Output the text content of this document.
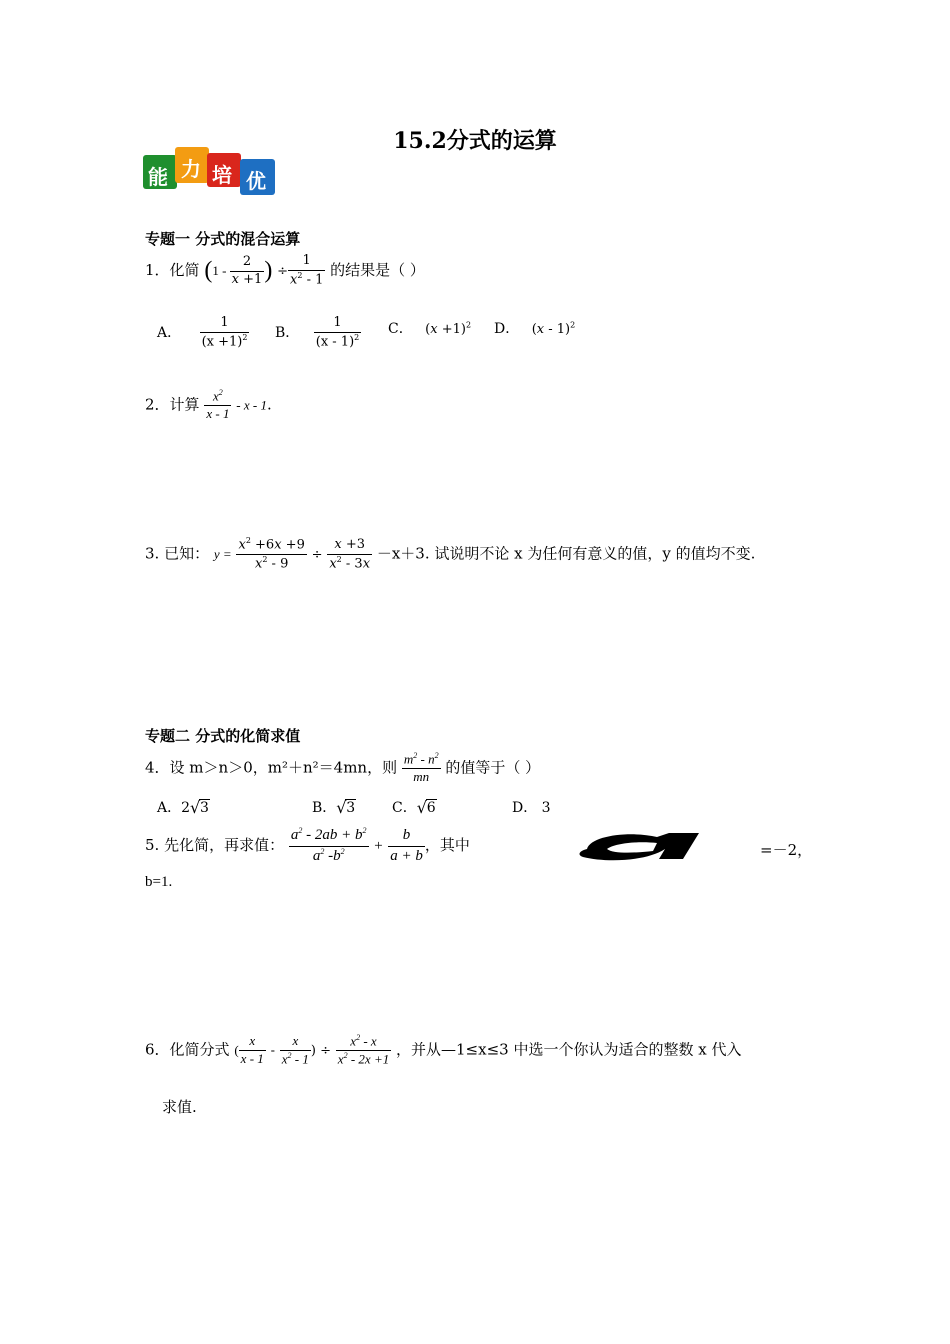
15.2分式的运算
能 力 培 优
专题一 分式的混合运算
1．化简 ($1 - \frac{2}{x +1}$ ) ÷ $\frac{1}{x^2 - 1}$ 的结果是（ ）
A． $\frac{1}{(x +1)^2}$ B． $\frac{1}{(x - 1)^2}$ C． $(x +1)^2$ D． (x - 1)$^2$
2．计算 $\frac{x^2}{x - 1}$ - x - 1.
3. 已知： $y = \frac{x^2 +6x +9}{x^2 - 9} \div \frac{x +3}{x^2 - 3x} -x+3$. 试说明不论 x 为任何有意义的值，y 的值均不变.
专题二 分式的化简求值
4．设 m＞n＞0，m²＋n²＝4mn，则 $\frac{m^2 - n^2}{mn}$ 的值等于（ ）
A．2 √ 3	B． √ 3	C． √ 6	D． 3
5. 先化简，再求值： $\frac{a^2 - 2ab + b^2}{a^2 -b^2} + \frac{b}{a + b}$ ，其中	=－2，
b=1.
6．化简分式 ( $\frac{x}{x - 1} - \frac{x}{x^2 - 1}$ ) ÷ $\frac{x^2 - x}{x^2 - 2x +1}$ ，并从—1≤x≤3 中选一个你认为适合的整数 x 代入
求值.
